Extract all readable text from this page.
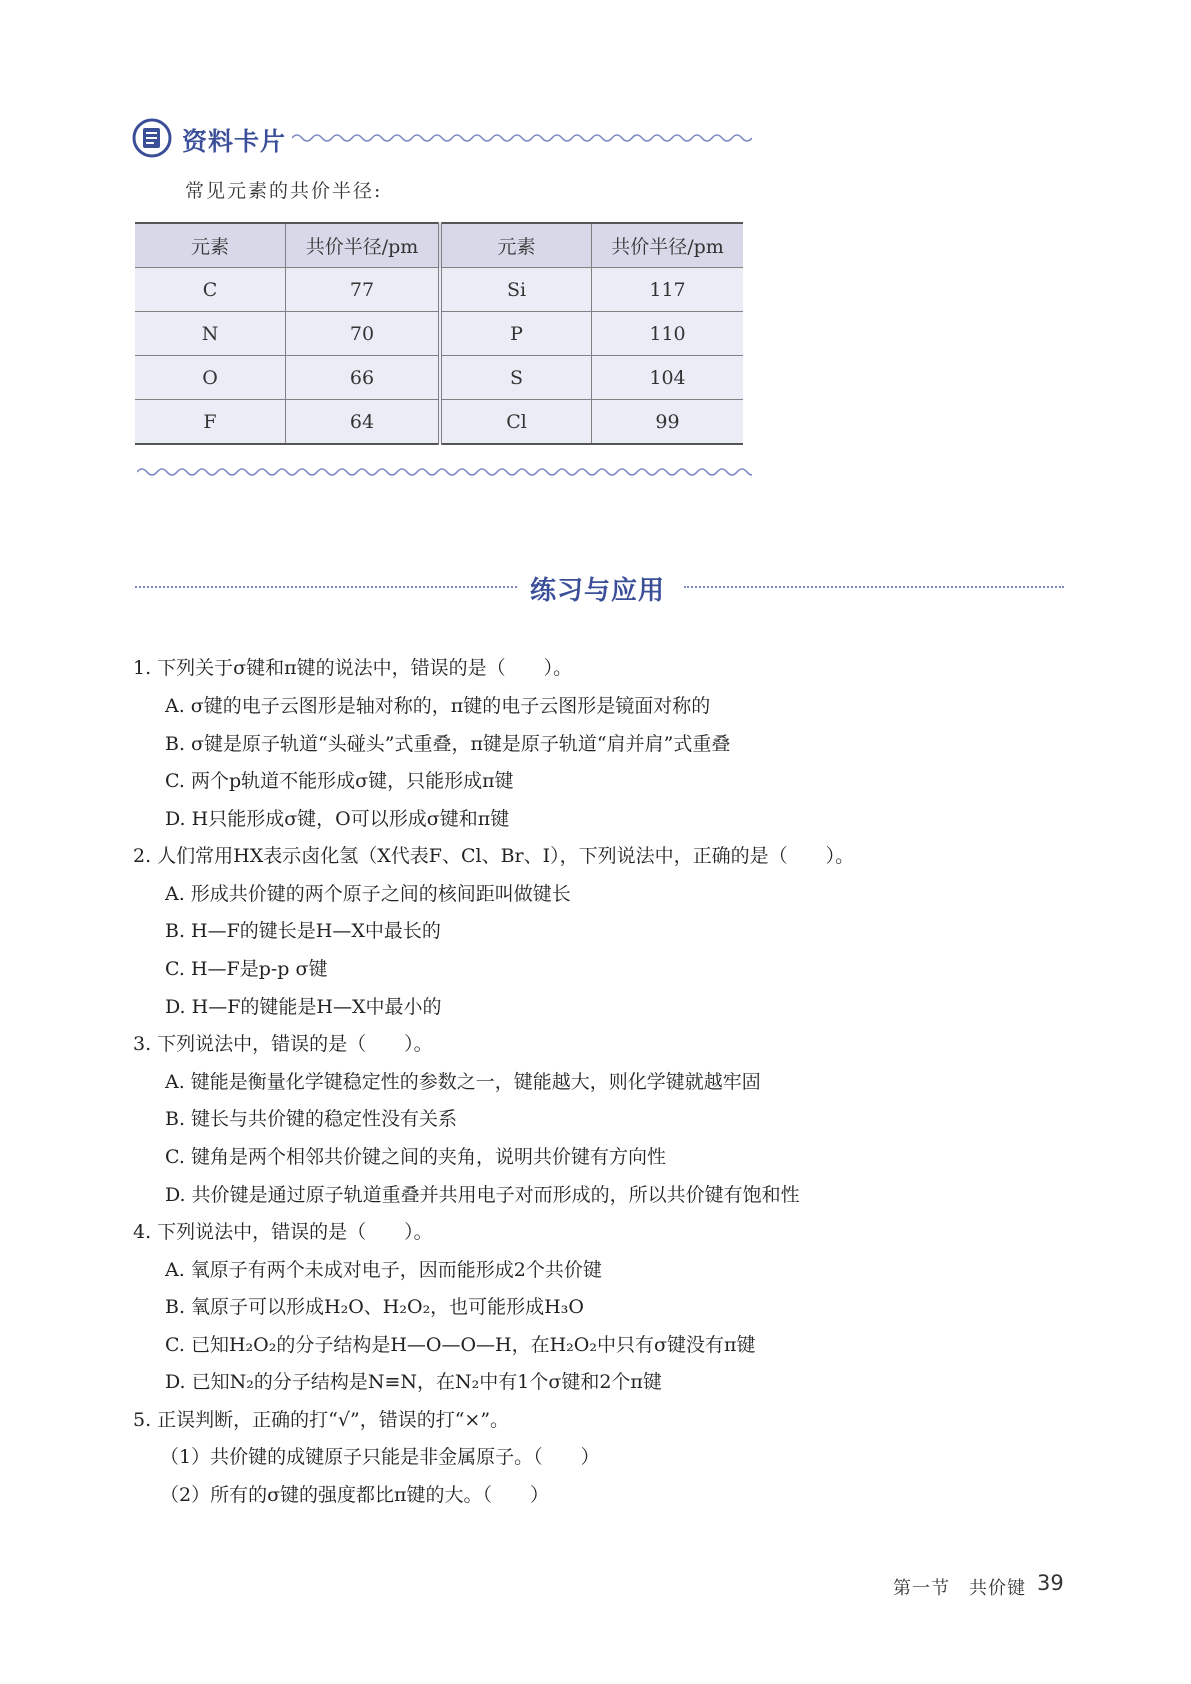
资料卡片
常见元素的共价半径:
元素	共价半径/pm	元素	共价半径/pm
C	77	Si	117
N	70	P	110
O	66	S	104
F	64	Cl	99
练习与应用
1. 下列关于σ键和π键的说法中，错误的是（　　）。
A. σ键的电子云图形是轴对称的，π键的电子云图形是镜面对称的
B. σ键是原子轨道“头碰头”式重叠，π键是原子轨道“肩并肩”式重叠
C. 两个p轨道不能形成σ键，只能形成π键
D. H只能形成σ键，O可以形成σ键和π键
2. 人们常用HX表示卤化氢（X代表F、Cl、Br、I），下列说法中，正确的是（　　）。
A. 形成共价键的两个原子之间的核间距叫做键长
B. H—F的键长是H—X中最长的
C. H—F是p-p σ键
D. H—F的键能是H—X中最小的
3. 下列说法中，错误的是（　　）。
A. 键能是衡量化学键稳定性的参数之一，键能越大，则化学键就越牢固
B. 键长与共价键的稳定性没有关系
C. 键角是两个相邻共价键之间的夹角，说明共价键有方向性
D. 共价键是通过原子轨道重叠并共用电子对而形成的，所以共价键有饱和性
4. 下列说法中，错误的是（　　）。
A. 氧原子有两个未成对电子，因而能形成2个共价键
B. 氧原子可以形成H₂O、H₂O₂，也可能形成H₃O
C. 已知H₂O₂的分子结构是H—O—O—H，在H₂O₂中只有σ键没有π键
D. 已知N₂的分子结构是N≡N，在N₂中有1个σ键和2个π键
5. 正误判断，正确的打“√”，错误的打“×”。
（1）共价键的成键原子只能是非金属原子。（　　）
（2）所有的σ键的强度都比π键的大。（　　）
第一节　共价键 39
